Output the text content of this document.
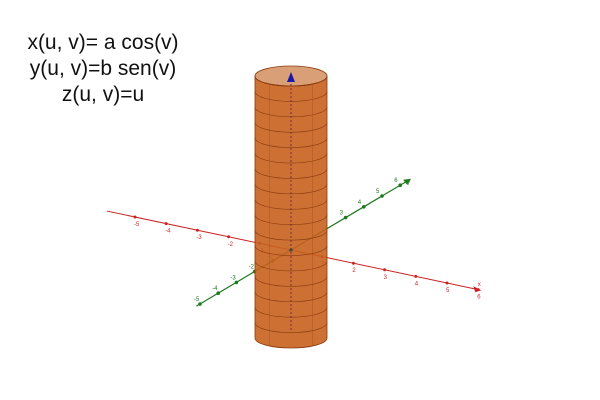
x(u, v)= a cos(v)
y(u, v)=b sen(v)
z(u, v)=u
-5
-4
-3
-2
2
3
4
5
6
x
-5
-4
-3
-2
3
4
5
6 y
